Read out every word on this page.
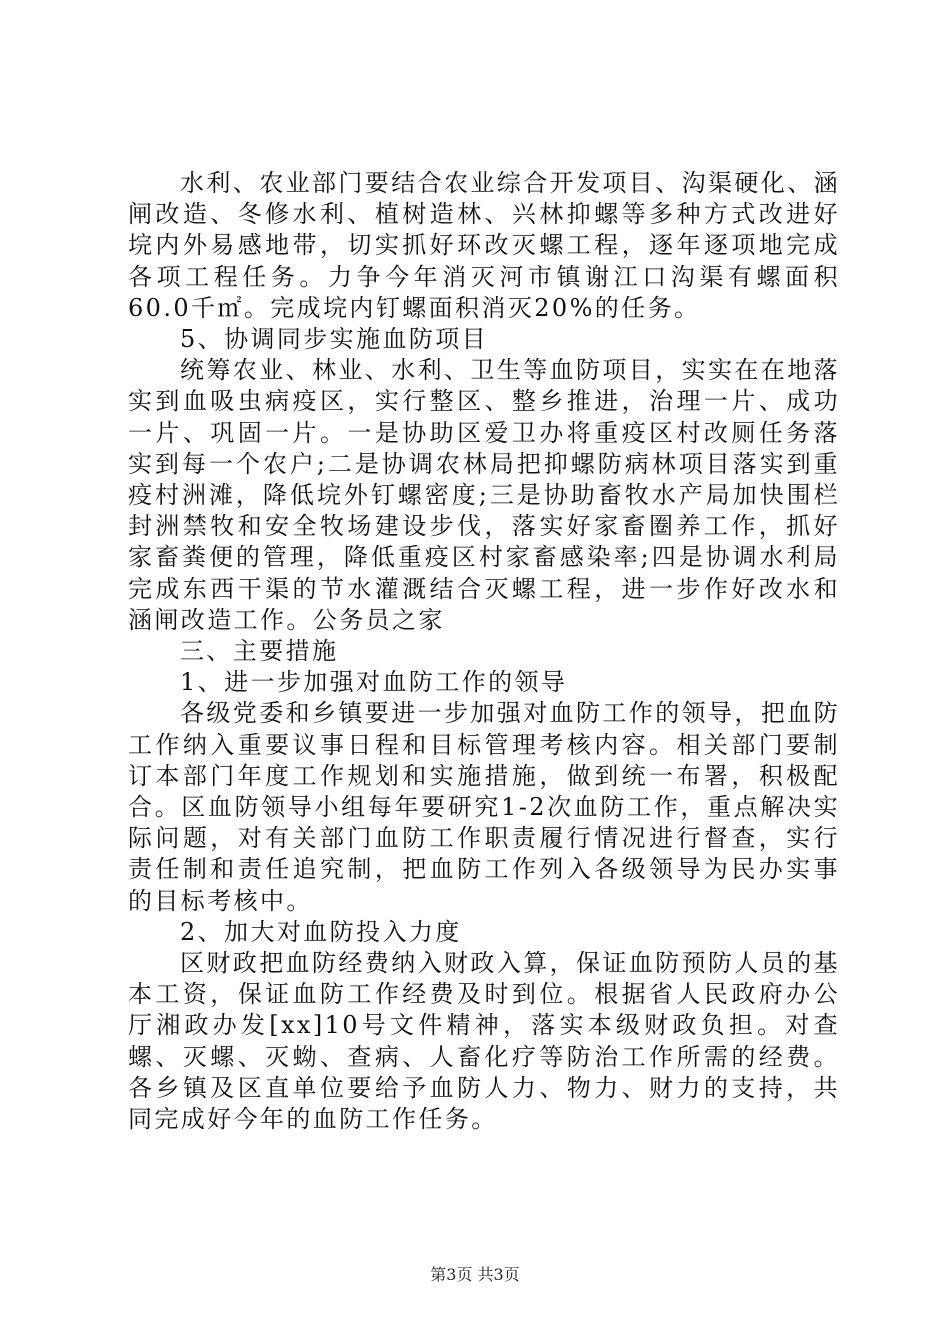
水利、农业部门要结合农业综合开发项目、沟渠硬化、涵闸改造、冬修水利、植树造林、兴林抑螺等多种方式改进好垸内外易感地带，切实抓好环改灭螺工程，逐年逐项地完成各项工程任务。力争今年消灭河市镇谢江口沟渠有螺面积60.0千㎡。完成垸内钉螺面积消灭20%的任务。

5、协调同步实施血防项目

统筹农业、林业、水利、卫生等血防项目，实实在在地落实到血吸虫病疫区，实行整区、整乡推进，治理一片、成功一片、巩固一片。一是协助区爱卫办将重疫区村改厕任务落实到每一个农户;二是协调农林局把抑螺防病林项目落实到重疫村洲滩，降低垸外钉螺密度;三是协助畜牧水产局加快围栏封洲禁牧和安全牧场建设步伐，落实好家畜圈养工作，抓好家畜粪便的管理，降低重疫区村家畜感染率;四是协调水利局完成东西干渠的节水灌溉结合灭螺工程，进一步作好改水和涵闸改造工作。公务员之家

三、主要措施

1、进一步加强对血防工作的领导

各级党委和乡镇要进一步加强对血防工作的领导，把血防工作纳入重要议事日程和目标管理考核内容。相关部门要制订本部门年度工作规划和实施措施，做到统一布署，积极配合。区血防领导小组每年要研究1-2次血防工作，重点解决实际问题，对有关部门血防工作职责履行情况进行督查，实行责任制和责任追究制，把血防工作列入各级领导为民办实事的目标考核中。

2、加大对血防投入力度

区财政把血防经费纳入财政入算，保证血防预防人员的基本工资，保证血防工作经费及时到位。根据省人民政府办公厅湘政办发[xx]10号文件精神，落实本级财政负担。对查螺、灭螺、灭蚴、查病、人畜化疗等防治工作所需的经费。各乡镇及区直单位要给予血防人力、物力、财力的支持，共同完成好今年的血防工作任务。

第3页 共3页
